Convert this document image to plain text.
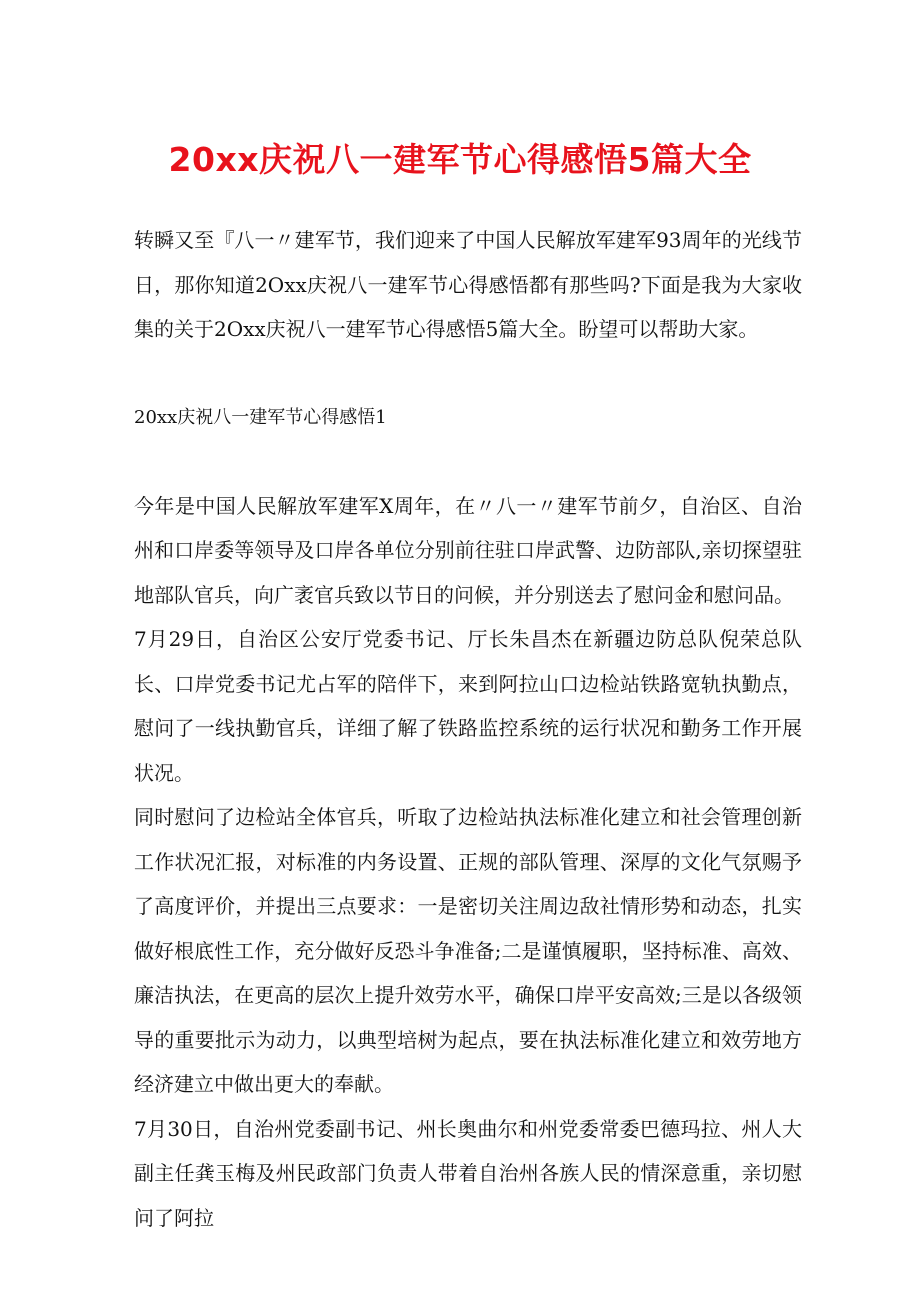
20xx庆祝八一建军节心得感悟5篇大全

转瞬又至『八一〃建军节，我们迎来了中国人民解放军建军93周年的光线节日，那你知道2Oxx庆祝八一建军节心得感悟都有那些吗?下面是我为大家收集的关于2Oxx庆祝八一建军节心得感悟5篇大全。盼望可以帮助大家。

20xx庆祝八一建军节心得感悟1

今年是中国人民解放军建军X周年，在〃八一〃建军节前夕，自治区、自治州和口岸委等领导及口岸各单位分别前往驻口岸武警、边防部队,亲切探望驻地部队官兵，向广袤官兵致以节日的问候，并分别送去了慰问金和慰问品。

7月29日，自治区公安厅党委书记、厅长朱昌杰在新疆边防总队倪荣总队长、口岸党委书记尤占军的陪伴下，来到阿拉山口边检站铁路宽轨执勤点，慰问了一线执勤官兵，详细了解了铁路监控系统的运行状况和勤务工作开展状况。

同时慰问了边检站全体官兵，听取了边检站执法标准化建立和社会管理创新工作状况汇报，对标准的内务设置、正规的部队管理、深厚的文化气氛赐予了高度评价，并提出三点要求：一是密切关注周边敌社情形势和动态，扎实做好根底性工作，充分做好反恐斗争准备;二是谨慎履职，坚持标准、高效、廉洁执法，在更高的层次上提升效劳水平，确保口岸平安高效;三是以各级领导的重要批示为动力，以典型培树为起点，要在执法标准化建立和效劳地方经济建立中做出更大的奉献。

7月30日，自治州党委副书记、州长奥曲尔和州党委常委巴德玛拉、州人大副主任龚玉梅及州民政部门负责人带着自治州各族人民的情深意重，亲切慰问了阿拉
